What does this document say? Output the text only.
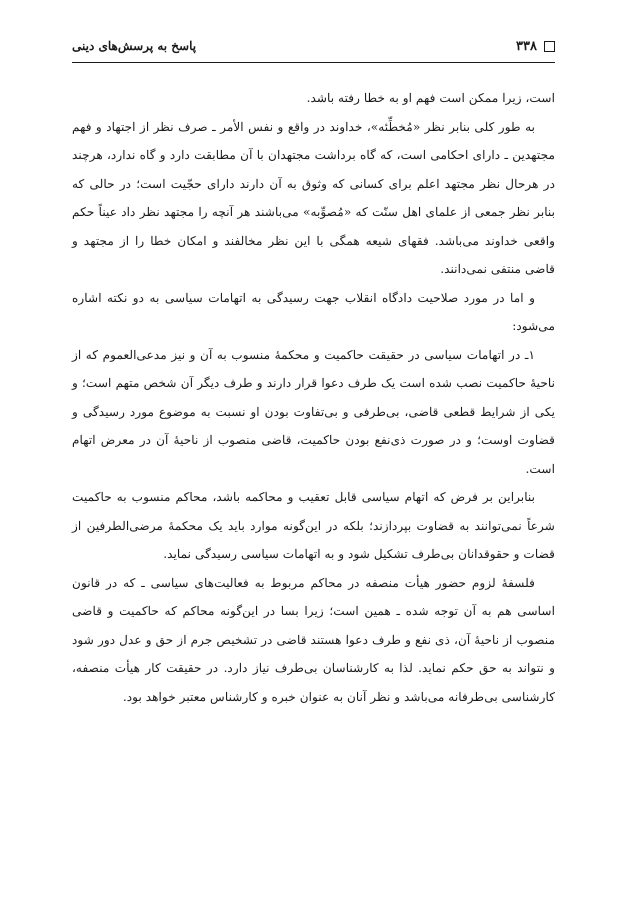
۳۳۸
پاسخ به پرسش‌های دینی

است، زیرا ممکن است فهم او به خطا رفته باشد.

به طور کلی بنابر نظر «مُخطِّئه»، خداوند در واقع و نفس الأمر ـ صرف نظر از اجتهاد و فهم مجتهدین ـ دارای احکامی است، که گاه برداشت مجتهدان با آن مطابقت دارد و گاه ندارد، هرچند در هرحال نظر مجتهد اعلم برای کسانی که وثوق به آن دارند دارای حجّیت است؛ در حالی که بنابر نظر جمعی از علمای اهل سنّت که «مُصوِّبه» می‌باشند هر آنچه را مجتهد نظر داد عیناً حکم واقعی خداوند می‌باشد. فقهای شیعه همگی با این نظر مخالفند و امکان خطا را از مجتهد و قاضی منتفی نمی‌دانند.

و اما در مورد صلاحیت دادگاه انقلاب جهت رسیدگی به اتهامات سیاسی به دو نکته اشاره می‌شود:

۱ـ در اتهامات سیاسی در حقیقت حاکمیت و محکمهٔ منسوب به آن و نیز مدعی‌العموم که از ناحیهٔ حاکمیت نصب شده است یک طرف دعوا قرار دارند و طرف دیگر آن شخص متهم است؛ و یکی از شرایط قطعی قاضی، بی‌طرفی و بی‌تفاوت بودن او نسبت به موضوع مورد رسیدگی و قضاوت اوست؛ و در صورت ذی‌نفع بودن حاکمیت، قاضی منصوب از ناحیهٔ آن در معرض اتهام است.

بنابراین بر فرض که اتهام سیاسی قابل تعقیب و محاکمه باشد، محاکم منسوب به حاکمیت شرعاً نمی‌توانند به قضاوت بپردازند؛ بلکه در این‌گونه موارد باید یک محکمهٔ مرضی‌الطرفین از قضات و حقوقدانان بی‌طرف تشکیل شود و به اتهامات سیاسی رسیدگی نماید.

فلسفهٔ لزوم حضور هیأت منصفه در محاکم مربوط به فعالیت‌های سیاسی ـ که در قانون اساسی هم به آن توجه شده ـ همین است؛ زیرا بسا در این‌گونه محاکم که حاکمیت و قاضی منصوب از ناحیهٔ آن، ذی نفع و طرف دعوا هستند قاضی در تشخیص جرم از حق و عدل دور شود و نتواند به حق حکم نماید. لذا به کارشناسان بی‌طرف نیاز دارد. در حقیقت کار هیأت منصفه، کارشناسی بی‌طرفانه می‌باشد و نظر آنان به عنوان خبره و کارشناس معتبر خواهد بود.
